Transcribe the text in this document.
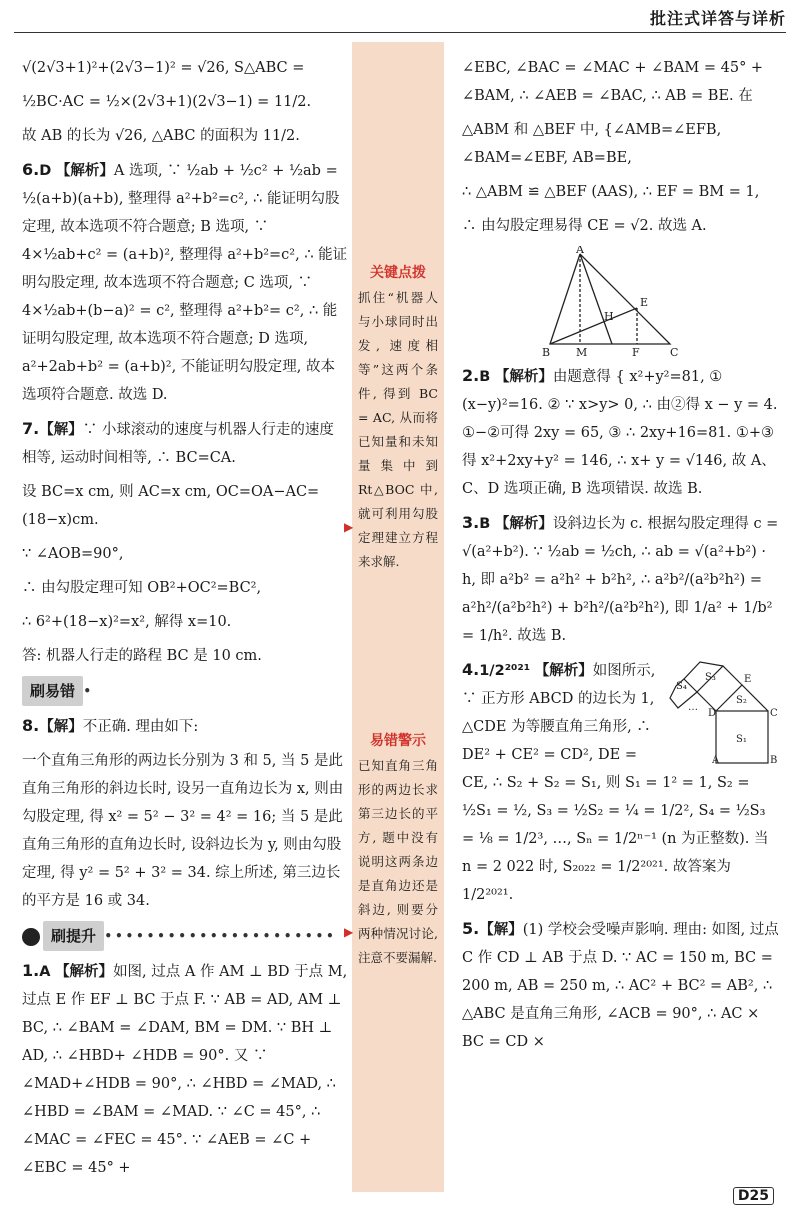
批注式详答与详析

√(2√3+1)²+(2√3−1)² = √26, S△ABC =

½BC·AC = ½×(2√3+1)(2√3−1) = 11/2.

故 AB 的长为 √26, △ABC 的面积为 11/2.

6.D 【解析】A 选项, ∵ ½ab + ½c² + ½ab = ½(a+b)(a+b), 整理得 a²+b²=c², ∴ 能证明勾股定理, 故本选项不符合题意; B 选项, ∵ 4×½ab+c² = (a+b)², 整理得 a²+b²=c², ∴ 能证明勾股定理, 故本选项不符合题意; C 选项, ∵ 4×½ab+(b−a)² = c², 整理得 a²+b²= c², ∴ 能证明勾股定理, 故本选项不符合题意; D 选项, a²+2ab+b² = (a+b)², 不能证明勾股定理, 故本选项符合题意. 故选 D.

7.【解】∵ 小球滚动的速度与机器人行走的速度相等, 运动时间相等, ∴ BC=CA.

设 BC=x cm, 则 AC=x cm, OC=OA−AC=(18−x)cm.

∵ ∠AOB=90°,

∴ 由勾股定理可知 OB²+OC²=BC²,

∴ 6²+(18−x)²=x², 解得 x=10.

答: 机器人行走的路程 BC 是 10 cm.

刷易错 •

8.【解】不正确. 理由如下:

一个直角三角形的两边长分别为 3 和 5, 当 5 是此直角三角形的斜边长时, 设另一直角边长为 x, 则由勾股定理, 得 x² = 5² − 3² = 4² = 16; 当 5 是此直角三角形的直角边长时, 设斜边长为 y, 则由勾股定理, 得 y² = 5² + 3² = 34. 综上所述, 第三边长的平方是 16 或 34.

刷提升 ••••••••••••••••••••••

1.A 【解析】如图, 过点 A 作 AM ⊥ BD 于点 M, 过点 E 作 EF ⊥ BC 于点 F. ∵ AB = AD, AM ⊥ BC, ∴ ∠BAM = ∠DAM, BM = DM. ∵ BH ⊥ AD, ∴ ∠HBD+ ∠HDB = 90°. 又 ∵ ∠MAD+∠HDB = 90°, ∴ ∠HBD = ∠MAD, ∴ ∠HBD = ∠BAM = ∠MAD. ∵ ∠C = 45°, ∴ ∠MAC = ∠FEC = 45°. ∵ ∠AEB = ∠C + ∠EBC = 45° +

关键点拨
抓住“机器人与小球同时出发, 速度相等”这两个条件, 得到 BC = AC, 从而将已知量和未知量集中到 Rt△BOC 中, 就可利用勾股定理建立方程来求解.
易错警示
已知直角三角形的两边长求第三边长的平方, 题中没有说明这两条边是直角边还是斜边, 则要分两种情况讨论, 注意不要漏解.
▶
▶

∠EBC, ∠BAC = ∠MAC + ∠BAM = 45° + ∠BAM, ∴ ∠AEB = ∠BAC, ∴ AB = BE. 在

△ABM 和 △BEF 中, {∠AMB=∠EFB, ∠BAM=∠EBF, AB=BE,

∴ △ABM ≌ △BEF (AAS), ∴ EF = BM = 1,

∴ 由勾股定理易得 CE = √2. 故选 A.

A
B M	F	C
H
E

2.B 【解析】由题意得 { x²+y²=81, ① (x−y)²=16. ② ∵ x>y> 0, ∴ 由②得 x − y = 4. ①−②可得 2xy = 65, ③ ∴ 2xy+16=81. ①+③得 x²+2xy+y² = 146, ∴ x+ y = √146, 故 A、C、D 选项正确, B 选项错误. 故选 B.

3.B 【解析】设斜边长为 c. 根据勾股定理得 c = √(a²+b²). ∵ ½ab = ½ch, ∴ ab = √(a²+b²) · h, 即 a²b² = a²h² + b²h², ∴ a²b²/(a²b²h²) = a²h²/(a²b²h²) + b²h²/(a²b²h²), 即 1/a² + 1/b² = 1/h². 故选 B.

S₁
S₂
S₃
S₄
A	B
C
D
E
…

4.1/2²⁰²¹ 【解析】如图所示, ∵ 正方形 ABCD 的边长为 1, △CDE 为等腰直角三角形, ∴ DE² + CE² = CD², DE = CE, ∴ S₂ + S₂ = S₁, 则 S₁ = 1² = 1, S₂ = ½S₁ = ½, S₃ = ½S₂ = ¼ = 1/2², S₄ = ½S₃ = ⅛ = 1/2³, …, Sₙ = 1/2ⁿ⁻¹ (n 为正整数). 当 n = 2 022 时, S₂₀₂₂ = 1/2²⁰²¹. 故答案为 1/2²⁰²¹.

5.【解】(1) 学校会受噪声影响. 理由: 如图, 过点 C 作 CD ⊥ AB 于点 D. ∵ AC = 150 m, BC = 200 m, AB = 250 m, ∴ AC² + BC² = AB², ∴ △ABC 是直角三角形, ∠ACB = 90°, ∴ AC × BC = CD ×

D25
